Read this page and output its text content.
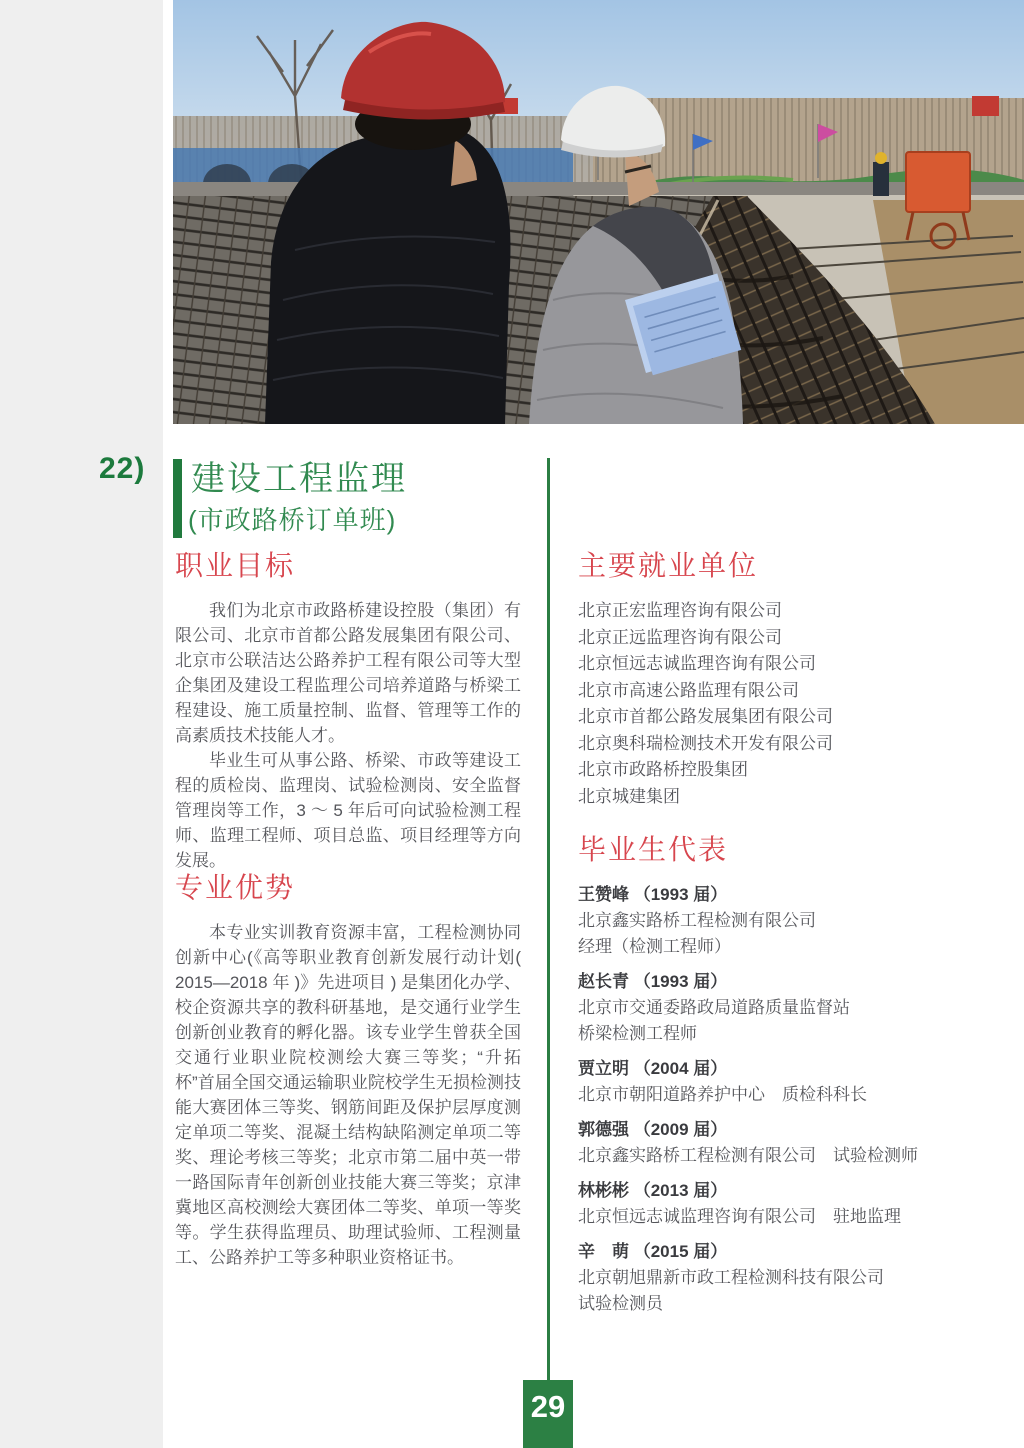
22) 建设工程监理
(市政路桥订单班)
职业目标

我们为北京市政路桥建设控股（集团）有限公司、北京市首都公路发展集团有限公司、北京市公联洁达公路养护工程有限公司等大型企集团及建设工程监理公司培养道路与桥梁工程建设、施工质量控制、监督、管理等工作的高素质技术技能人才。

毕业生可从事公路、桥梁、市政等建设工程的质检岗、监理岗、试验检测岗、安全监督管理岗等工作，3 ～ 5 年后可向试验检测工程师、监理工程师、项目总监、项目经理等方向发展。

专业优势

本专业实训教育资源丰富，工程检测协同创新中心(《高等职业教育创新发展行动计划( 2015—2018 年 )》先进项目 ) 是集团化办学、校企资源共享的教科研基地，是交通行业学生创新创业教育的孵化器。该专业学生曾获全国交通行业职业院校测绘大赛三等奖；“升拓杯”首届全国交通运输职业院校学生无损检测技能大赛团体三等奖、钢筋间距及保护层厚度测定单项二等奖、混凝土结构缺陷测定单项二等奖、理论考核三等奖；北京市第二届中英一带一路国际青年创新创业技能大赛三等奖；京津冀地区高校测绘大赛团体二等奖、单项一等奖等。学生获得监理员、助理试验师、工程测量工、公路养护工等多种职业资格证书。

主要就业单位
北京正宏监理咨询有限公司
北京正远监理咨询有限公司
北京恒远志诚监理咨询有限公司
北京市高速公路监理有限公司
北京市首都公路发展集团有限公司
北京奥科瑞检测技术开发有限公司
北京市政路桥控股集团
北京城建集团
毕业生代表
王赞峰 （1993 届）
北京鑫实路桥工程检测有限公司
经理（检测工程师）
赵长青 （1993 届）
北京市交通委路政局道路质量监督站
桥梁检测工程师
贾立明 （2004 届）
北京市朝阳道路养护中心　质检科科长
郭德强 （2009 届）
北京鑫实路桥工程检测有限公司　试验检测师
林彬彬 （2013 届）
北京恒远志诚监理咨询有限公司　驻地监理
辛　萌 （2015 届）
北京朝旭鼎新市政工程检测科技有限公司
试验检测员
29
